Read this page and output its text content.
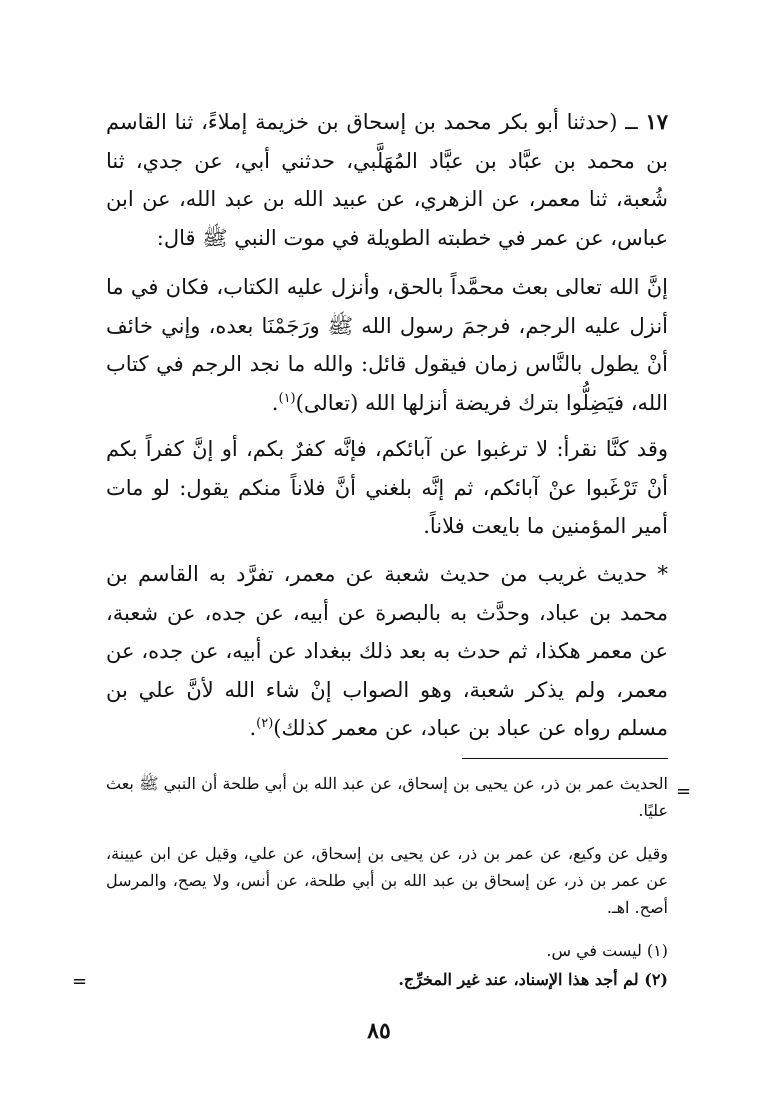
١٧ ــ (حدثنا أبو بكر محمد بن إسحاق بن خزيمة إملاءً، ثنا القاسم بن محمد بن عبَّاد بن عبَّاد المُهَلَّبي، حدثني أبي، عن جدي، ثنا شُعبة، ثنا معمر، عن الزهري، عن عبيد الله بن عبد الله، عن ابن عباس، عن عمر في خطبته الطويلة في موت النبي ﷺ قال:

إنَّ الله تعالى بعث محمَّداً بالحق، وأنزل عليه الكتاب، فكان في ما أنزل عليه الرجم، فرجمَ رسول الله ﷺ ورَجَمْنَا بعده، وإني خائف أنْ يطول بالنَّاس زمان فيقول قائل: والله ما نجد الرجم في كتاب الله، فيَضِلُّوا بترك فريضة أنزلها الله (تعالى)$^{(١)}$.

وقد كنَّا نقرأ: لا ترغبوا عن آبائكم، فإنَّه كفرٌ بكم، أو إنَّ كفراً بكم أنْ تَرْغَبوا عنْ آبائكم، ثم إنَّه بلغني أنَّ فلاناً منكم يقول: لو مات أمير المؤمنين ما بايعت فلاناً.

* حديث غريب من حديث شعبة عن معمر، تفرَّد به القاسم بن محمد بن عباد، وحدَّث به بالبصرة عن أبيه، عن جده، عن شعبة، عن معمر هكذا، ثم حدث به بعد ذلك ببغداد عن أبيه، عن جده، عن معمر، ولم يذكر شعبة، وهو الصواب إنْ شاء الله لأنَّ علي بن مسلم رواه عن عباد بن عباد، عن معمر كذلك)$^{(٢)}$.

=

الحديث عمر بن ذر، عن يحيى بن إسحاق، عن عبد الله بن أبي طلحة أن النبي ﷺ بعث عليًا.

وقيل عن وكيع، عن عمر بن ذر، عن يحيى بن إسحاق، عن علي، وقيل عن ابن عيينة، عن عمر بن ذر، عن إسحاق بن عبد الله بن أبي طلحة، عن أنس، ولا يصح، والمرسل أصح. اهـ.

(١) ليست في س.
(٢) لم أجد هذا الإسناد، عند غير المخرِّج.
=
٨٥
